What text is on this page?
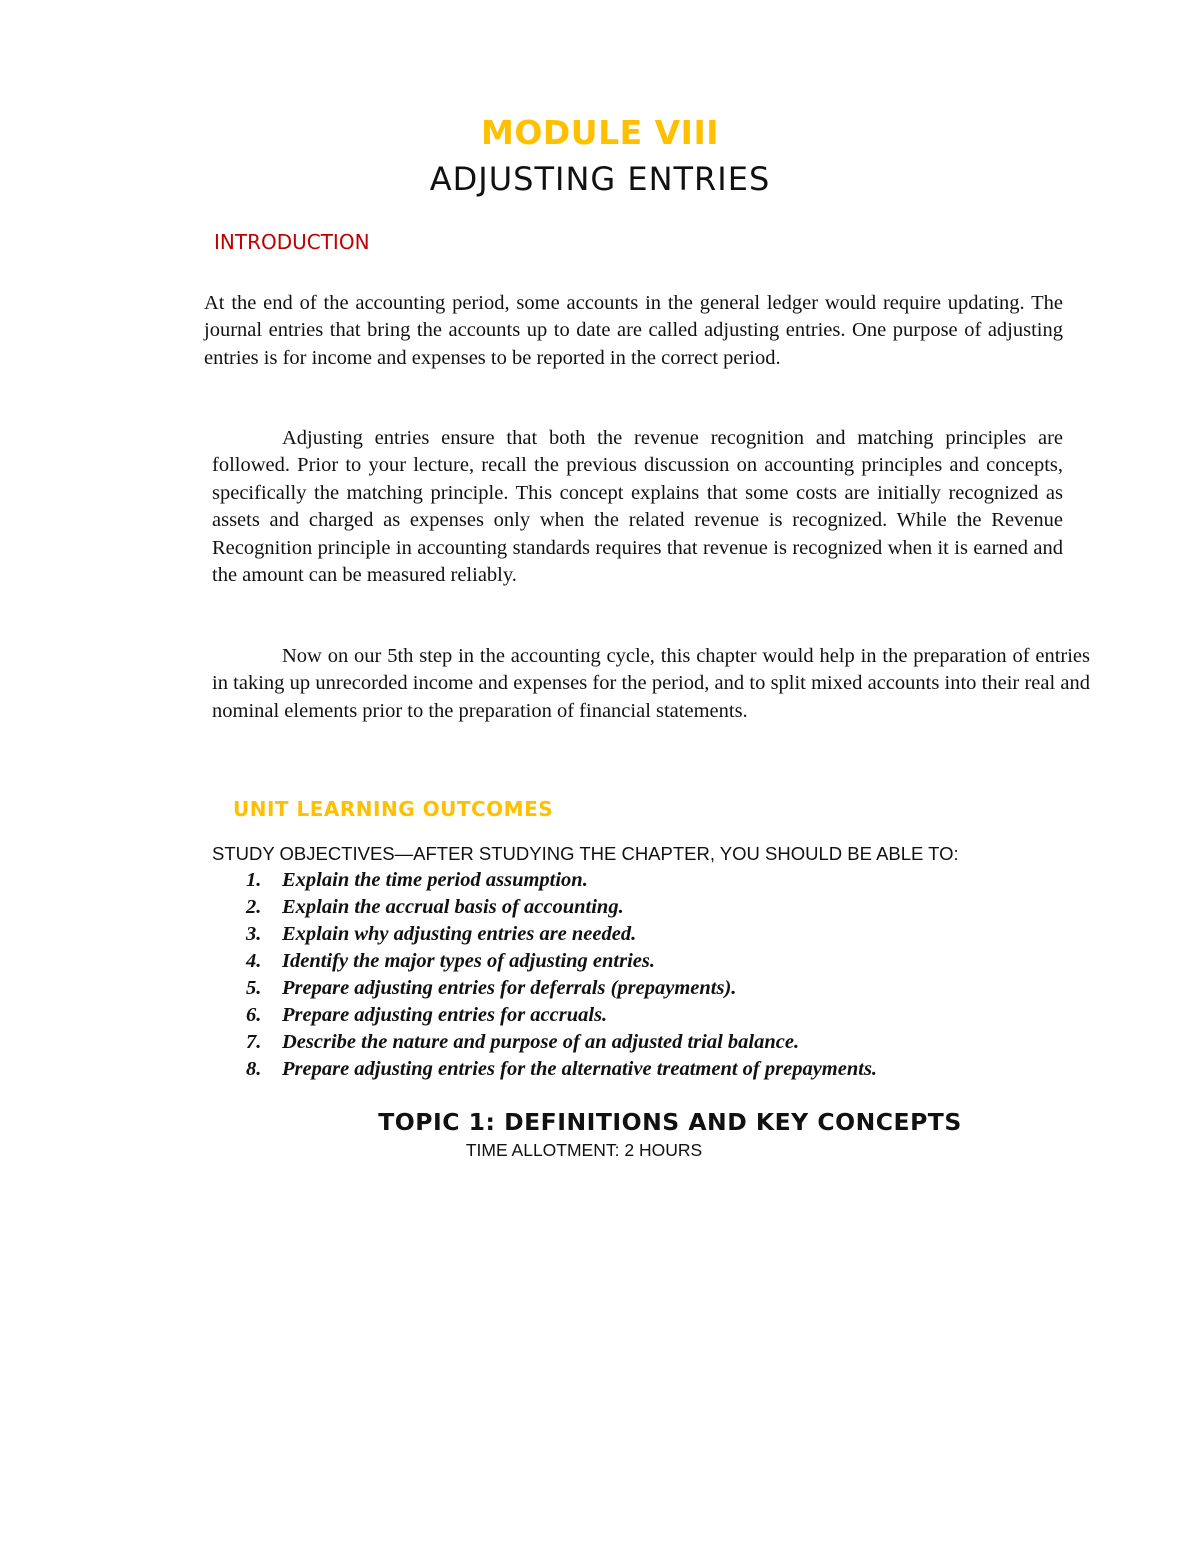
MODULE VIII
ADJUSTING ENTRIES
INTRODUCTION

At the end of the accounting period, some accounts in the general ledger would require updating. The journal entries that bring the accounts up to date are called adjusting entries. One purpose of adjusting entries is for income and expenses to be reported in the correct period.

Adjusting entries ensure that both the revenue recognition and matching principles are followed. Prior to your lecture, recall the previous discussion on accounting principles and concepts, specifically the matching principle. This concept explains that some costs are initially recognized as assets and charged as expenses only when the related revenue is recognized. While the Revenue Recognition principle in accounting standards requires that revenue is recognized when it is earned and the amount can be measured reliably.

Now on our 5th step in the accounting cycle, this chapter would help in the preparation of entries in taking up unrecorded income and expenses for the period, and to split mixed accounts into their real and nominal elements prior to the preparation of financial statements.

UNIT LEARNING OUTCOMES
STUDY OBJECTIVES—AFTER STUDYING THE CHAPTER, YOU SHOULD BE ABLE TO:
1. Explain the time period assumption.
2. Explain the accrual basis of accounting.
3. Explain why adjusting entries are needed.
4. Identify the major types of adjusting entries.
5. Prepare adjusting entries for deferrals (prepayments).
6. Prepare adjusting entries for accruals.
7. Describe the nature and purpose of an adjusted trial balance.
8. Prepare adjusting entries for the alternative treatment of prepayments.
TOPIC 1: DEFINITIONS AND KEY CONCEPTS
TIME ALLOTMENT: 2 HOURS
